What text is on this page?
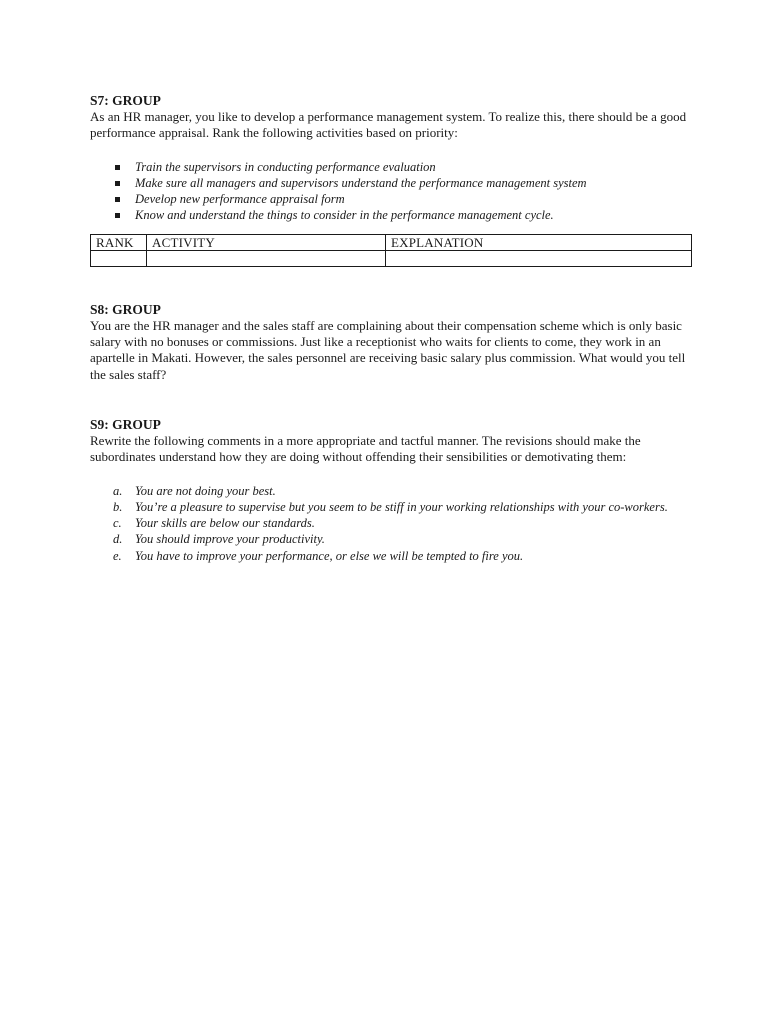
S7: GROUP

As an HR manager, you like to develop a performance management system. To realize this, there should be a good performance appraisal. Rank the following activities based on priority:

Train the supervisors in conducting performance evaluation
Make sure all managers and supervisors understand the performance management system
Develop new performance appraisal form
Know and understand the things to consider in the performance management cycle.
RANK	ACTIVITY	EXPLANATION

S8: GROUP

You are the HR manager and the sales staff are complaining about their compensation scheme which is only basic salary with no bonuses or commissions. Just like a receptionist who waits for clients to come, they work in an apartelle in Makati. However, the sales personnel are receiving basic salary plus commission. What would you tell the sales staff?

S9: GROUP

Rewrite the following comments in a more appropriate and tactful manner. The revisions should make the subordinates understand how they are doing without offending their sensibilities or demotivating them:

a. You are not doing your best.
b. You’re a pleasure to supervise but you seem to be stiff in your working relationships with your co-workers.
c. Your skills are below our standards.
d. You should improve your productivity.
e. You have to improve your performance, or else we will be tempted to fire you.
